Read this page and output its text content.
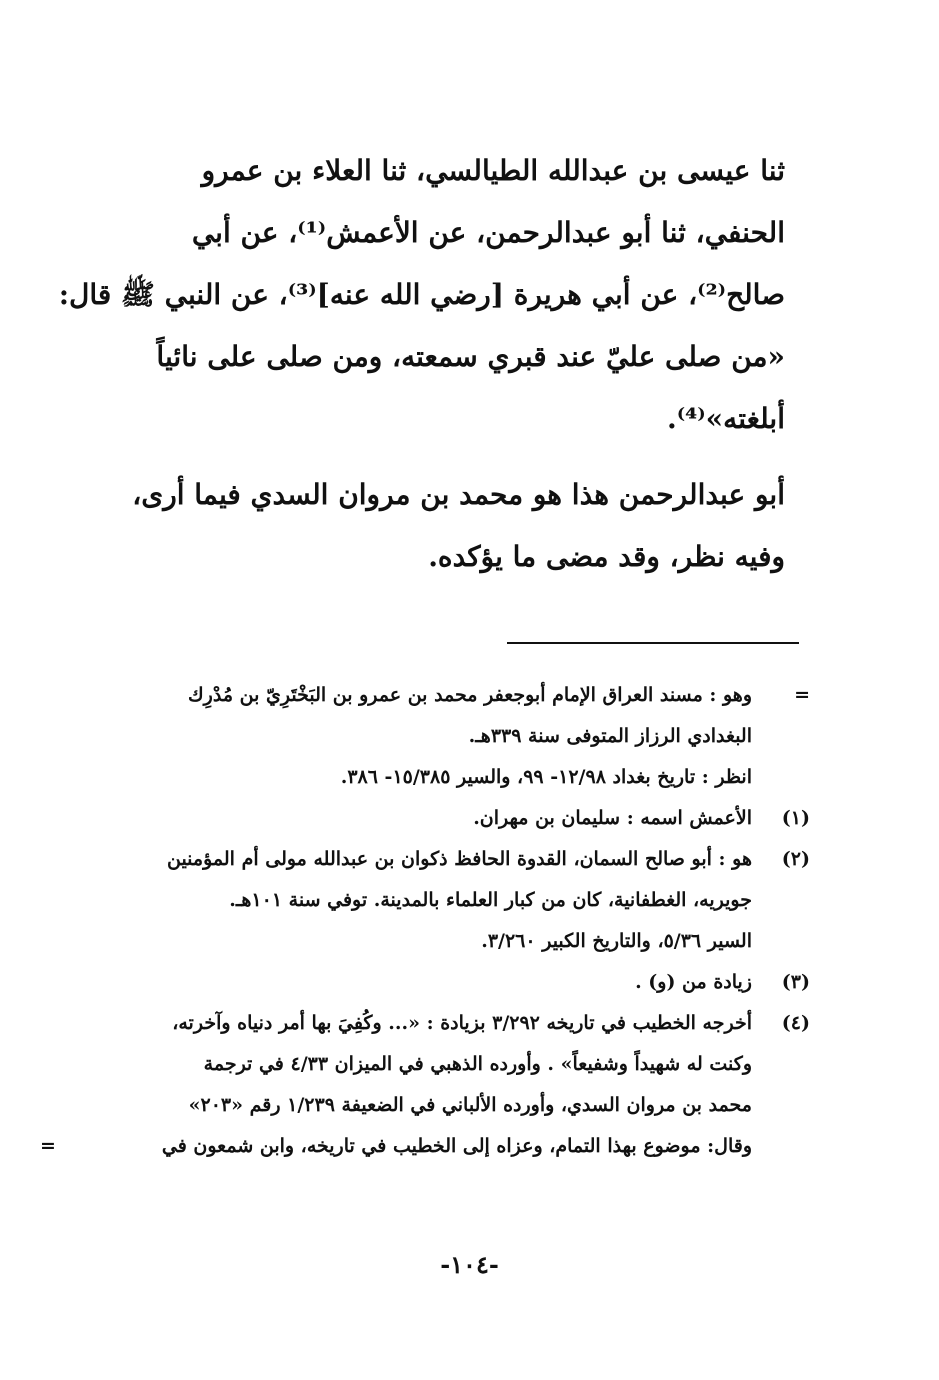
ثنا عيسى بن عبدالله الطيالسي، ثنا العلاء بن عمرو
الحنفي، ثنا أبو عبدالرحمن، عن الأعمش⁽¹⁾، عن أبي
صالح⁽²⁾، عن أبي هريرة [رضي الله عنه]⁽³⁾، عن النبي ﷺ قال:
«من صلى عليّ عند قبري سمعته، ومن صلى على نائياً
أبلغته»⁽⁴⁾.
أبو عبدالرحمن هذا هو محمد بن مروان السدي فيما أرى،
وفيه نظر، وقد مضى ما يؤكده.
=
وهو : مسند العراق الإمام أبوجعفر محمد بن عمرو بن البَخْتَرِيّ بن مُدْرِك
البغدادي الرزاز المتوفى سنة ٣٣٩هـ.
انظر : تاريخ بغداد ١٢/٩٨- ٩٩، والسير ١٥/٣٨٥- ٣٨٦.
(١)
الأعمش اسمه : سليمان بن مهران.
(٢)
هو : أبو صالح السمان، القدوة الحافظ ذكوان بن عبدالله مولى أم المؤمنين
جويريه، الغطفانية، كان من كبار العلماء بالمدينة. توفي سنة ١٠١هـ.
السير ٥/٣٦، والتاريخ الكبير ٣/٢٦٠.
(٣)
زيادة من (و) .
(٤)
أخرجه الخطيب في تاريخه ٣/٢٩٢ بزيادة : «... وكُفِيَ بها أمر دنياه وآخرته،
وكنت له شهيداً وشفيعاً» . وأورده الذهبي في الميزان ٤/٣٣ في ترجمة
محمد بن مروان السدي، وأورده الألباني في الضعيفة ١/٢٣٩ رقم «٢٠٣»
وقال: موضوع بهذا التمام، وعزاه إلى الخطيب في تاريخه، وابن شمعون في
=
-١٠٤-
